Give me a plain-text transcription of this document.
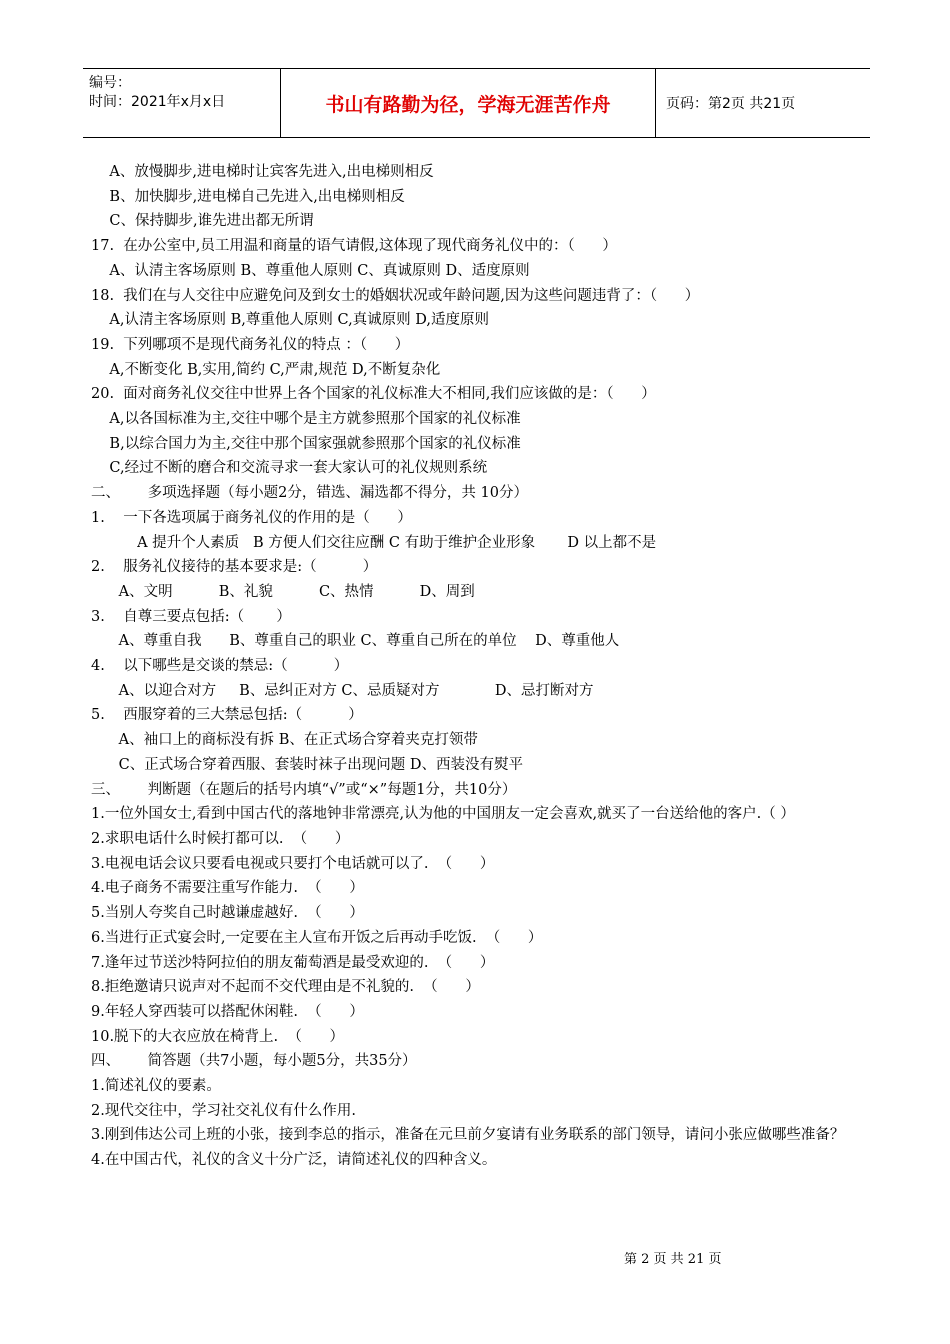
编号：
时间：2021年x月x日	书山有路勤为径，学海无涯苦作舟	页码：第2页 共21页
A、放慢脚步,进电梯时让宾客先进入,出电梯则相反
B、加快脚步,进电梯自己先进入,出电梯则相反
C、保持脚步,谁先进出都无所谓
17.  在办公室中,员工用温和商量的语气请假,这体现了现代商务礼仪中的：（      ）
A、认清主客场原则 B、尊重他人原则 C、真诚原则 D、适度原则
18.  我们在与人交往中应避免问及到女士的婚姻状况或年龄问题,因为这些问题违背了：（      ）
A,认清主客场原则 B,尊重他人原则 C,真诚原则 D,适度原则
19.  下列哪项不是现代商务礼仪的特点 ：（      ）
A,不断变化 B,实用,简约 C,严肃,规范 D,不断复杂化
20.  面对商务礼仪交往中世界上各个国家的礼仪标准大不相同,我们应该做的是：（      ）
A,以各国标准为主,交往中哪个是主方就参照那个国家的礼仪标准
B,以综合国力为主,交往中那个国家强就参照那个国家的礼仪标准
C,经过不断的磨合和交流寻求一套大家认可的礼仪规则系统
二、      多项选择题（每小题2分，错选、漏选都不得分，共 10分）
1.    一下各选项属于商务礼仪的作用的是（      ）
A 提升个人素质   B 方便人们交往应酬 C 有助于维护企业形象       D 以上都不是
2.    服务礼仪接待的基本要求是:（          ）
A、文明          B、礼貌          C、热情          D、周到
3.    自尊三要点包括:（       ）
A、尊重自我      B、尊重自己的职业 C、尊重自己所在的单位    D、尊重他人
4.    以下哪些是交谈的禁忌:（          ）
A、以迎合对方     B、忌纠正对方 C、忌质疑对方            D、忌打断对方
5.    西服穿着的三大禁忌包括:（          ）
A、袖口上的商标没有拆 B、在正式场合穿着夹克打领带
C、正式场合穿着西服、套装时袜子出现问题 D、西装没有熨平
三、      判断题（在题后的括号内填“√”或“×”每题1分，共10分）
1.一位外国女士,看到中国古代的落地钟非常漂亮,认为他的中国朋友一定会喜欢,就买了一台送给他的客户.（ ）
2.求职电话什么时候打都可以.  （      ）
3.电视电话会议只要看电视或只要打个电话就可以了.  （      ）
4.电子商务不需要注重写作能力.  （      ）
5.当别人夸奖自己时越谦虚越好.  （      ）
6.当进行正式宴会时,一定要在主人宣布开饭之后再动手吃饭.  （      ）
7.逢年过节送沙特阿拉伯的朋友葡萄酒是最受欢迎的.  （      ）
8.拒绝邀请只说声对不起而不交代理由是不礼貌的.  （      ）
9.年轻人穿西装可以搭配休闲鞋.  （      ）
10.脱下的大衣应放在椅背上.  （      ）
四、      简答题（共7小题，每小题5分，共35分）
1.简述礼仪的要素。
2.现代交往中，学习社交礼仪有什么作用.
3.刚到伟达公司上班的小张，接到李总的指示，准备在元旦前夕宴请有业务联系的部门领导，请问小张应做哪些准备？
4.在中国古代，礼仪的含义十分广泛，请简述礼仪的四种含义。
第 2 页 共 21 页
